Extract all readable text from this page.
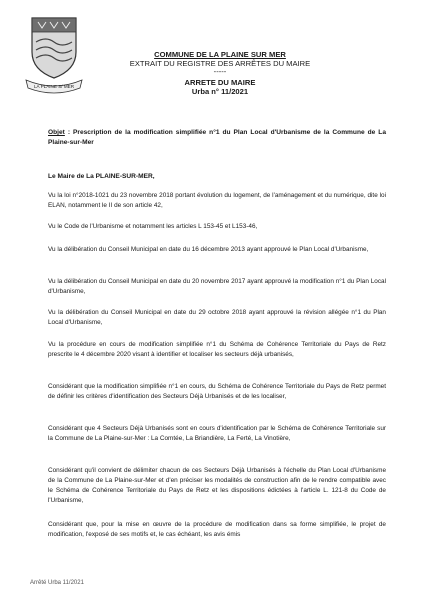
LA PLAINE S/ MER
COMMUNE DE LA PLAINE SUR MER
EXTRAIT DU REGISTRE DES ARRÊTES DU MAIRE
-----
ARRETE DU MAIRE
Urba n° 11/2021
Objet : Prescription de la modification simplifiée n°1 du Plan Local d'Urbanisme de la Commune de La Plaine-sur-Mer
Le Maire de La PLAINE-SUR-MER,
Vu la loi n°2018-1021 du 23 novembre 2018 portant évolution du logement, de l'aménagement et du numérique, dite loi ELAN, notamment le II de son article 42,
Vu le Code de l'Urbanisme et notamment les articles L 153-45 et L153-46,
Vu la délibération du Conseil Municipal en date du 16 décembre 2013 ayant approuvé le Plan Local d'Urbanisme,
Vu la délibération du Conseil Municipal en date du 20 novembre 2017 ayant approuvé la modification n°1 du Plan Local d'Urbanisme,
Vu la délibération du Conseil Municipal en date du 29 octobre 2018 ayant approuvé la révision allégée n°1 du Plan Local d'Urbanisme,
Vu la procédure en cours de modification simplifiée n°1 du Schéma de Cohérence Territoriale du Pays de Retz prescrite le 4 décembre 2020 visant à identifier et localiser les secteurs déjà urbanisés,
Considérant que la modification simplifiée n°1 en cours, du Schéma de Cohérence Territoriale du Pays de Retz permet de définir les critères d'identification des Secteurs Déjà Urbanisés et de les localiser,
Considérant que 4 Secteurs Déjà Urbanisés sont en cours d'identification par le Schéma de Cohérence Territoriale sur la Commune de La Plaine-sur-Mer : La Comtée, La Briandière, La Ferté, La Vinotière,
Considérant qu'il convient de délimiter chacun de ces Secteurs Déjà Urbanisés à l'échelle du Plan Local d'Urbanisme de la Commune de La Plaine-sur-Mer et d'en préciser les modalités de construction afin de le rendre compatible avec le Schéma de Cohérence Territoriale du Pays de Retz et les dispositions édictées à l'article L. 121-8 du Code de l'Urbanisme,
Considérant que, pour la mise en œuvre de la procédure de modification dans sa forme simplifiée, le projet de modification, l'exposé de ses motifs et, le cas échéant, les avis émis
Arrêté Urba 11/2021
